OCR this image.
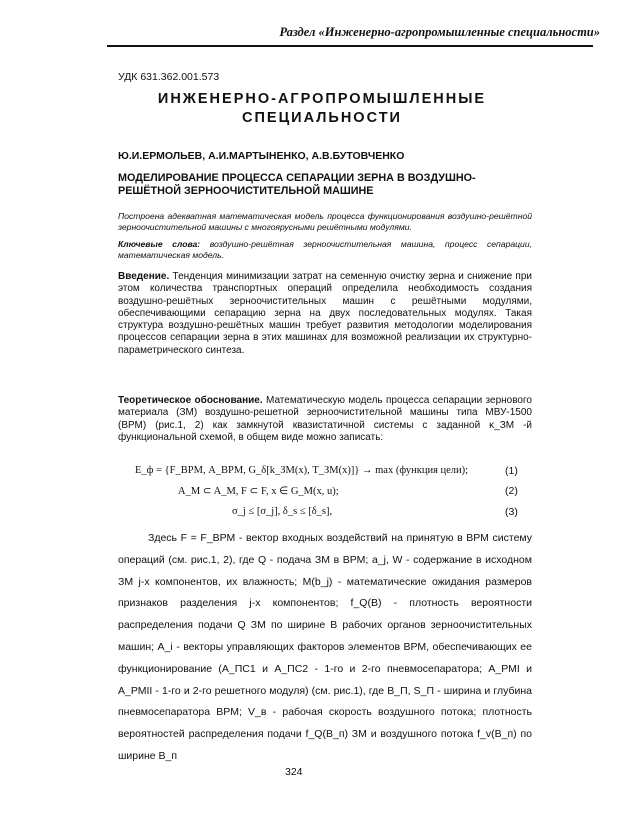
Раздел «Инженерно-агропромышленные специальности»
УДК 631.362.001.573
ИНЖЕНЕРНО-АГРОПРОМЫШЛЕННЫЕ СПЕЦИАЛЬНОСТИ
Ю.И.ЕРМОЛЬЕВ, А.И.МАРТЫНЕНКО, А.В.БУТОВЧЕНКО
МОДЕЛИРОВАНИЕ ПРОЦЕССА СЕПАРАЦИИ ЗЕРНА В ВОЗДУШНО-РЕШЁТНОЙ ЗЕРНООЧИСТИТЕЛЬНОЙ МАШИНЕ
Построена адекватная математическая модель процесса функционирования воздушно-решётной зерноочистительной машины с многоярусными решётными модулями.
Ключевые слова: воздушно-решётная зерноочистительная машина, процесс сепарации, математическая модель.
Введение. Тенденция минимизации затрат на семенную очистку зерна и снижение при этом количества транспортных операций определила необходимость создания воздушно-решётных зерноочистительных машин с решётными модулями, обеспечивающими сепарацию зерна на двух последовательных модулях. Такая структура воздушно-решётных машин требует развития методологии моделирования процессов сепарации зерна в этих машинах для возможной реализации их структурно-параметрического синтеза.
Теоретическое обоснование. Математическую модель процесса сепарации зернового материала (ЗМ) воздушно-решетной зерноочистительной машины типа МВУ-1500 (ВРМ) (рис.1, 2) как замкнутой квазистатичной системы с заданной κ_ЗМ -й функциональной схемой, в общем виде можно записать:
E_ф = {F_ВРМ, A_ВРМ, G_δ[k_ЗМ(x), T_ЗМ(x)]} → max (функция цели);	(1)
A_M ⊂ A_M, F ⊂ F, x ∈ G_M(x, u);	(2)
σ_j ≤ [σ_j], δ_s ≤ [δ_s],	(3)
Здесь F = F_ВРМ - вектор входных воздействий на принятую в ВРМ систему операций (см. рис.1, 2), где Q - подача ЗМ в ВРМ; a_j, W - содержание в исходном ЗМ j-х компонентов, их влажность; M(b_j) - математические ожидания размеров признаков разделения j-х компонентов; f_Q(B) - плотность вероятности распределения подачи Q ЗМ по ширине В рабочих органов зерноочистительных машин; A_i - векторы управляющих факторов элементов ВРМ, обеспечивающих ее функционирование (A_ПС1 и A_ПС2 - 1-го и 2-го пневмосепаратора; A_РМI и A_РМII - 1-го и 2-го решетного модуля) (см. рис.1), где B_П, S_П - ширина и глубина пневмосепаратора ВРМ; V_в - рабочая скорость воздушного потока; плотность вероятностей распределения подачи f_Q(B_п) ЗМ и воздушного потока f_v(B_п) по ширине B_п
324
